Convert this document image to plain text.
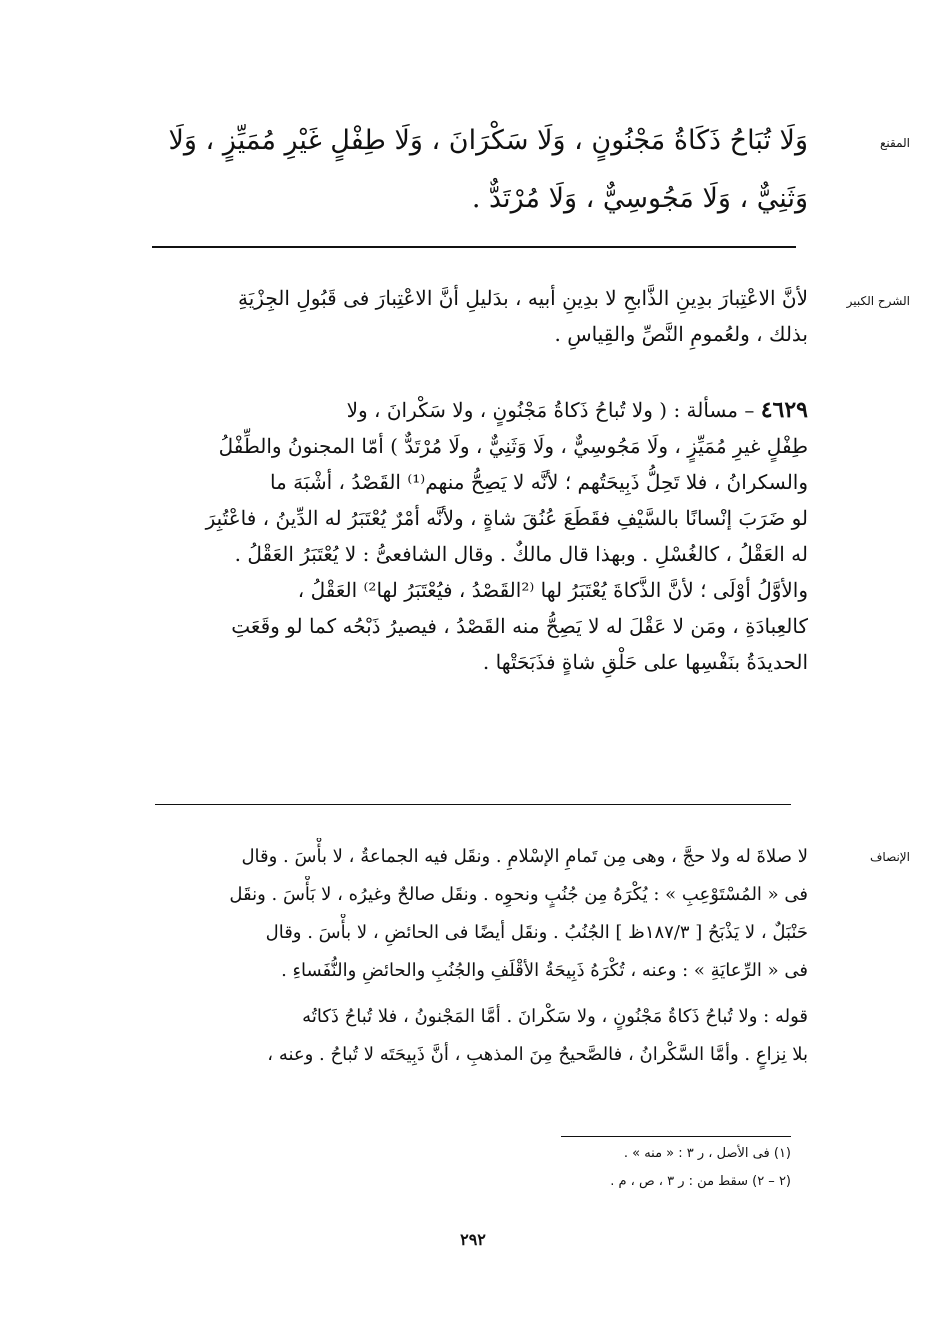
المقنع
وَلَا تُبَاحُ ذَكَاةُ مَجْنُونٍ ، وَلَا سَكْرَانَ ، وَلَا طِفْلٍ غَيْرِ مُمَيِّزٍ ، وَلَا
وَثَنِيٌّ ، وَلَا مَجُوسِيٌّ ، وَلَا مُرْتَدٌّ .
الشرح الكبير
لأنَّ الاعْتِبارَ بدِينِ الذَّابحِ لا بدِينِ أبيه ، بدَليلِ أنَّ الاعْتِبارَ فى قَبُولِ الجِزْيَةِ
بذلك ، ولعُمومِ النَّصِّ والقِياسِ .
٤٦٢٩ – مسألة : ( ولا تُباحُ ذَكاةُ مَجْنُونٍ ، ولا سَكْرانَ ، ولا
طِفْلٍ غيرِ مُمَيِّزٍ ، ولَا مَجُوسِيٌّ ، ولَا وَثَنِيٌّ ، ولَا مُرْتَدٌّ ) أمّا المجنونُ والطِّفْلُ
والسكرانُ ، فلا تَحِلُّ ذَبِيحَتُهم ؛ لأنَّه لا يَصِحُّ منهم⁽¹⁾ القَصْدُ ، أشْبَهَ ما
لو ضَرَبَ إنْسانًا بالسَّيْفِ فقَطَعَ عُنُقَ شاةٍ ، ولأنَّه أمْرٌ يُعْتَبَرُ له الدِّينُ ، فاعْتُبِرَ
له العَقْلُ ، كالغُسْلِ . وبهذا قال مالكٌ . وقال الشافعىُّ : لا يُعْتَبَرُ العَقْلُ .
والأوَّلُ أوْلَى ؛ لأنَّ الذَّكاةَ يُعْتَبَرُ لها ⁽²القَصْدُ ، فيُعْتَبَرُ لها²⁾ العَقْلُ ،
كالعِبادَةِ ، ومَن لا عَقْلَ له لا يَصِحُّ منه القَصْدُ ، فيصيرُ ذَبْحُه كما لو وقَعَتِ
الحديدَةُ بنَفْسِها على حَلْقِ شاةٍ فذَبَحَتْها .
الإنصاف
لا صلاةَ له ولا حجَّ ، وهى مِن تَمامِ الإسْلامِ . ونقَل فيه الجماعةُ ، لا بأْسَ . وقال
فى « المُسْتَوْعِبِ » : يُكْرَهُ مِن جُنُبٍ ونحوِه . ونقَل صالحٌ وغيرُه ، لا بَأْسَ . ونقَل
حَنْبَلٌ ، لا يَذْبَحُ [ ١٨٧/٣ظ ] الجُنُبُ . ونقَل أيضًا فى الحائضِ ، لا بأْسَ . وقال
فى « الرِّعايَةِ » : وعنه ، تُكْرَهُ ذَبِيحَةُ الأقْلَفِ والجُنُبِ والحائضِ والنُّفَساءِ .
قوله : ولا تُباحُ ذَكاةُ مَجْنُونٍ ، ولا سَكْرانَ . أمَّا المَجْنونُ ، فلا تُباحُ ذَكاتُه
بلا نِزاعٍ . وأمَّا السَّكْرانُ ، فالصَّحيحُ مِنَ المذهبِ ، أنَّ ذَبِيحَتَه لا تُباحُ . وعنه ،
(١) فى الأصل ، ر ٣ : « منه » .
(٢ – ٢) سقط من : ر ٣ ، ص ، م .
٢٩٢
